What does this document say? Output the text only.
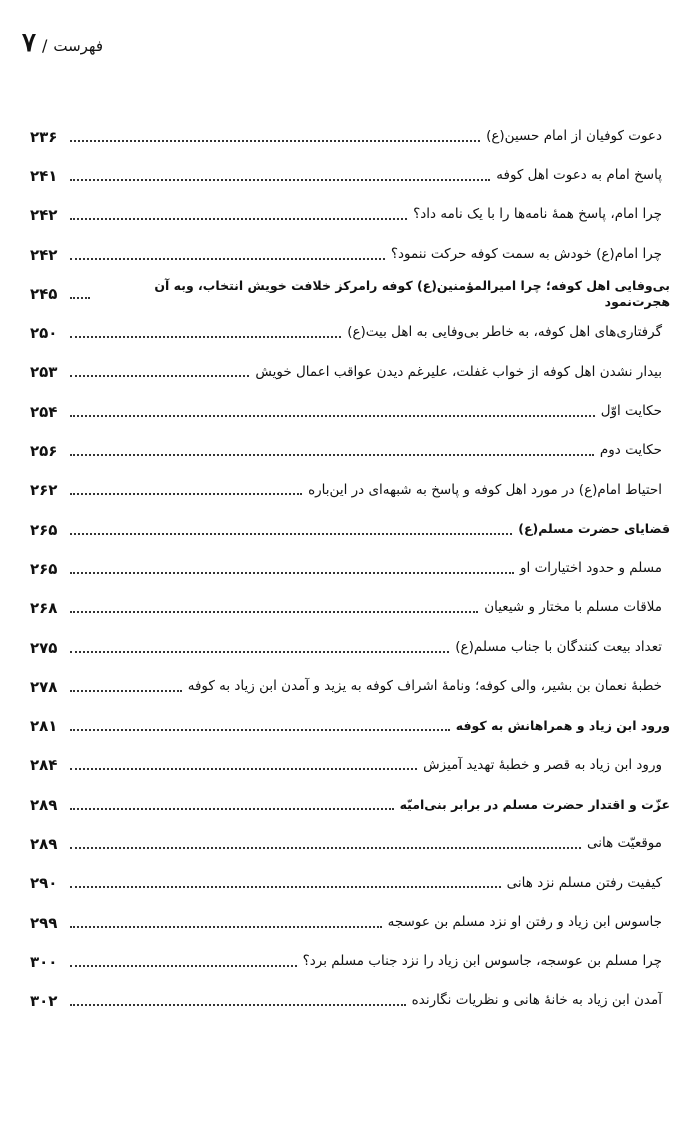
فهرست
/
۷
دعوت کوفیان از امام حسین(ع)
۲۳۶
پاسخ امام به دعوت اهل کوفه
۲۴۱
چرا امام، پاسخ همهٔ نامه‌ها را با یک نامه داد؟
۲۴۲
چرا امام(ع) خودش به سمت کوفه حرکت ننمود؟
۲۴۲
بی‌وفایی اهل کوفه؛ چرا امیرالمؤمنین(ع) کوفه رامرکز خلافت خویش انتخاب، وبه آن هجرت‌نمود
۲۴۵
گرفتاری‌های اهل کوفه، به خاطر بی‌وفایی به اهل بیت(ع)
۲۵۰
بیدار نشدن اهل کوفه از خواب غفلت، علیرغم دیدن عواقب اعمال خویش
۲۵۳
حکایت اوّل
۲۵۴
حکایت دوم
۲۵۶
احتیاط امام(ع) در مورد اهل کوفه و پاسخ به شبهه‌ای در این‌باره
۲۶۲
قضایای حضرت مسلم(ع)
۲۶۵
مسلم و حدود اختیارات او
۲۶۵
ملاقات مسلم با مختار و شیعیان
۲۶۸
تعداد بیعت کنندگان با جناب مسلم(ع)
۲۷۵
خطبهٔ نعمان بن بشیر، والی کوفه؛ ونامهٔ اشراف کوفه به یزید و آمدن ابن زیاد به کوفه
۲۷۸
ورود ابن زیاد و همراهانش به کوفه
۲۸۱
ورود ابن زیاد به قصر و خطبهٔ تهدید آمیزش
۲۸۴
عزّت و اقتدار حضرت مسلم در برابر بنی‌امیّه
۲۸۹
موقعیّت هانی
۲۸۹
کیفیت رفتن مسلم نزد هانی
۲۹۰
جاسوس ابن زیاد و رفتن او نزد مسلم بن عوسجه
۲۹۹
چرا مسلم بن عوسجه، جاسوس ابن زیاد را نزد جناب مسلم برد؟
۳۰۰
آمدن ابن زیاد به خانهٔ هانی و نظریات نگارنده
۳۰۲
